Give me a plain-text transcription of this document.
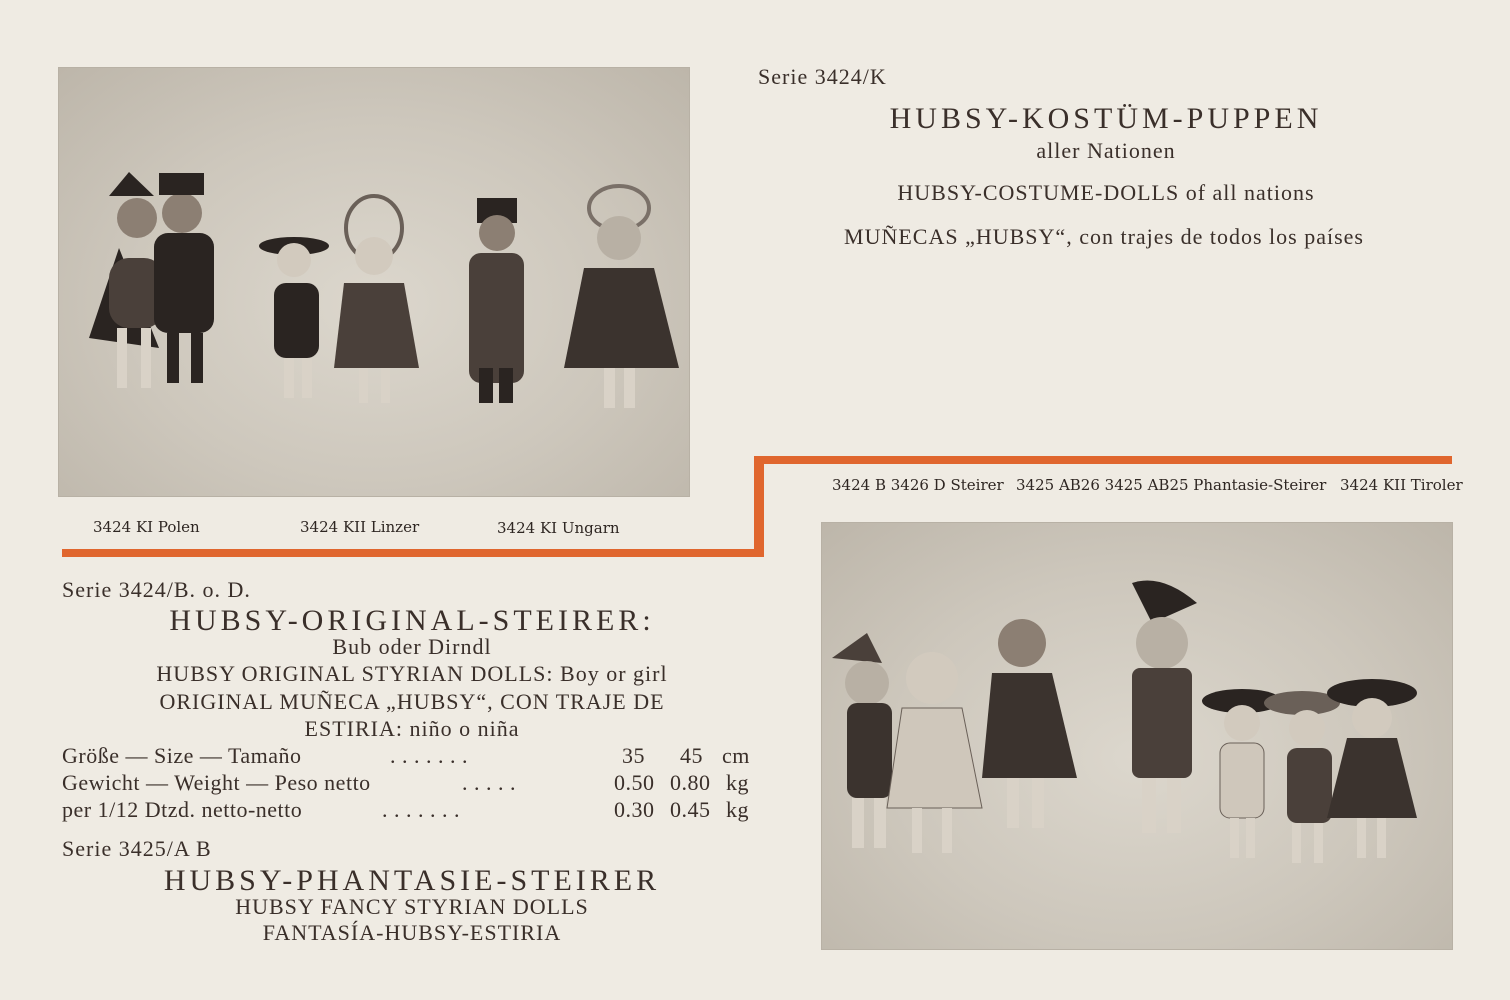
3424 KI Polen	3424 KII Linzer	3424 KI Ungarn
Serie 3424/K
HUBSY-KOSTÜM-PUPPEN
aller Nationen
HUBSY-COSTUME-DOLLS of all nations
MUÑECAS „HUBSY“, con trajes de todos los países
3424 B 3426 D Steirer 3425 AB26 3425 AB25 Phantasie-Steirer 3424 KII Tiroler
Serie 3424/B. o. D.
HUBSY-ORIGINAL-STEIRER:
Bub oder Dirndl
HUBSY ORIGINAL STYRIAN DOLLS: Boy or girl
ORIGINAL MUÑECA „HUBSY“, CON TRAJE DE
ESTIRIA: niño o niña
Größe — Size — Tamaño	. . . . . . .	35 45 cm
Gewicht — Weight — Peso netto	. . . . .	0.50 0.80 kg
per 1/12 Dtzd. netto-netto	. . . . . . .	0.30 0.45 kg
Serie 3425/A B
HUBSY-PHANTASIE-STEIRER
HUBSY FANCY STYRIAN DOLLS
FANTASÍA-HUBSY-ESTIRIA
